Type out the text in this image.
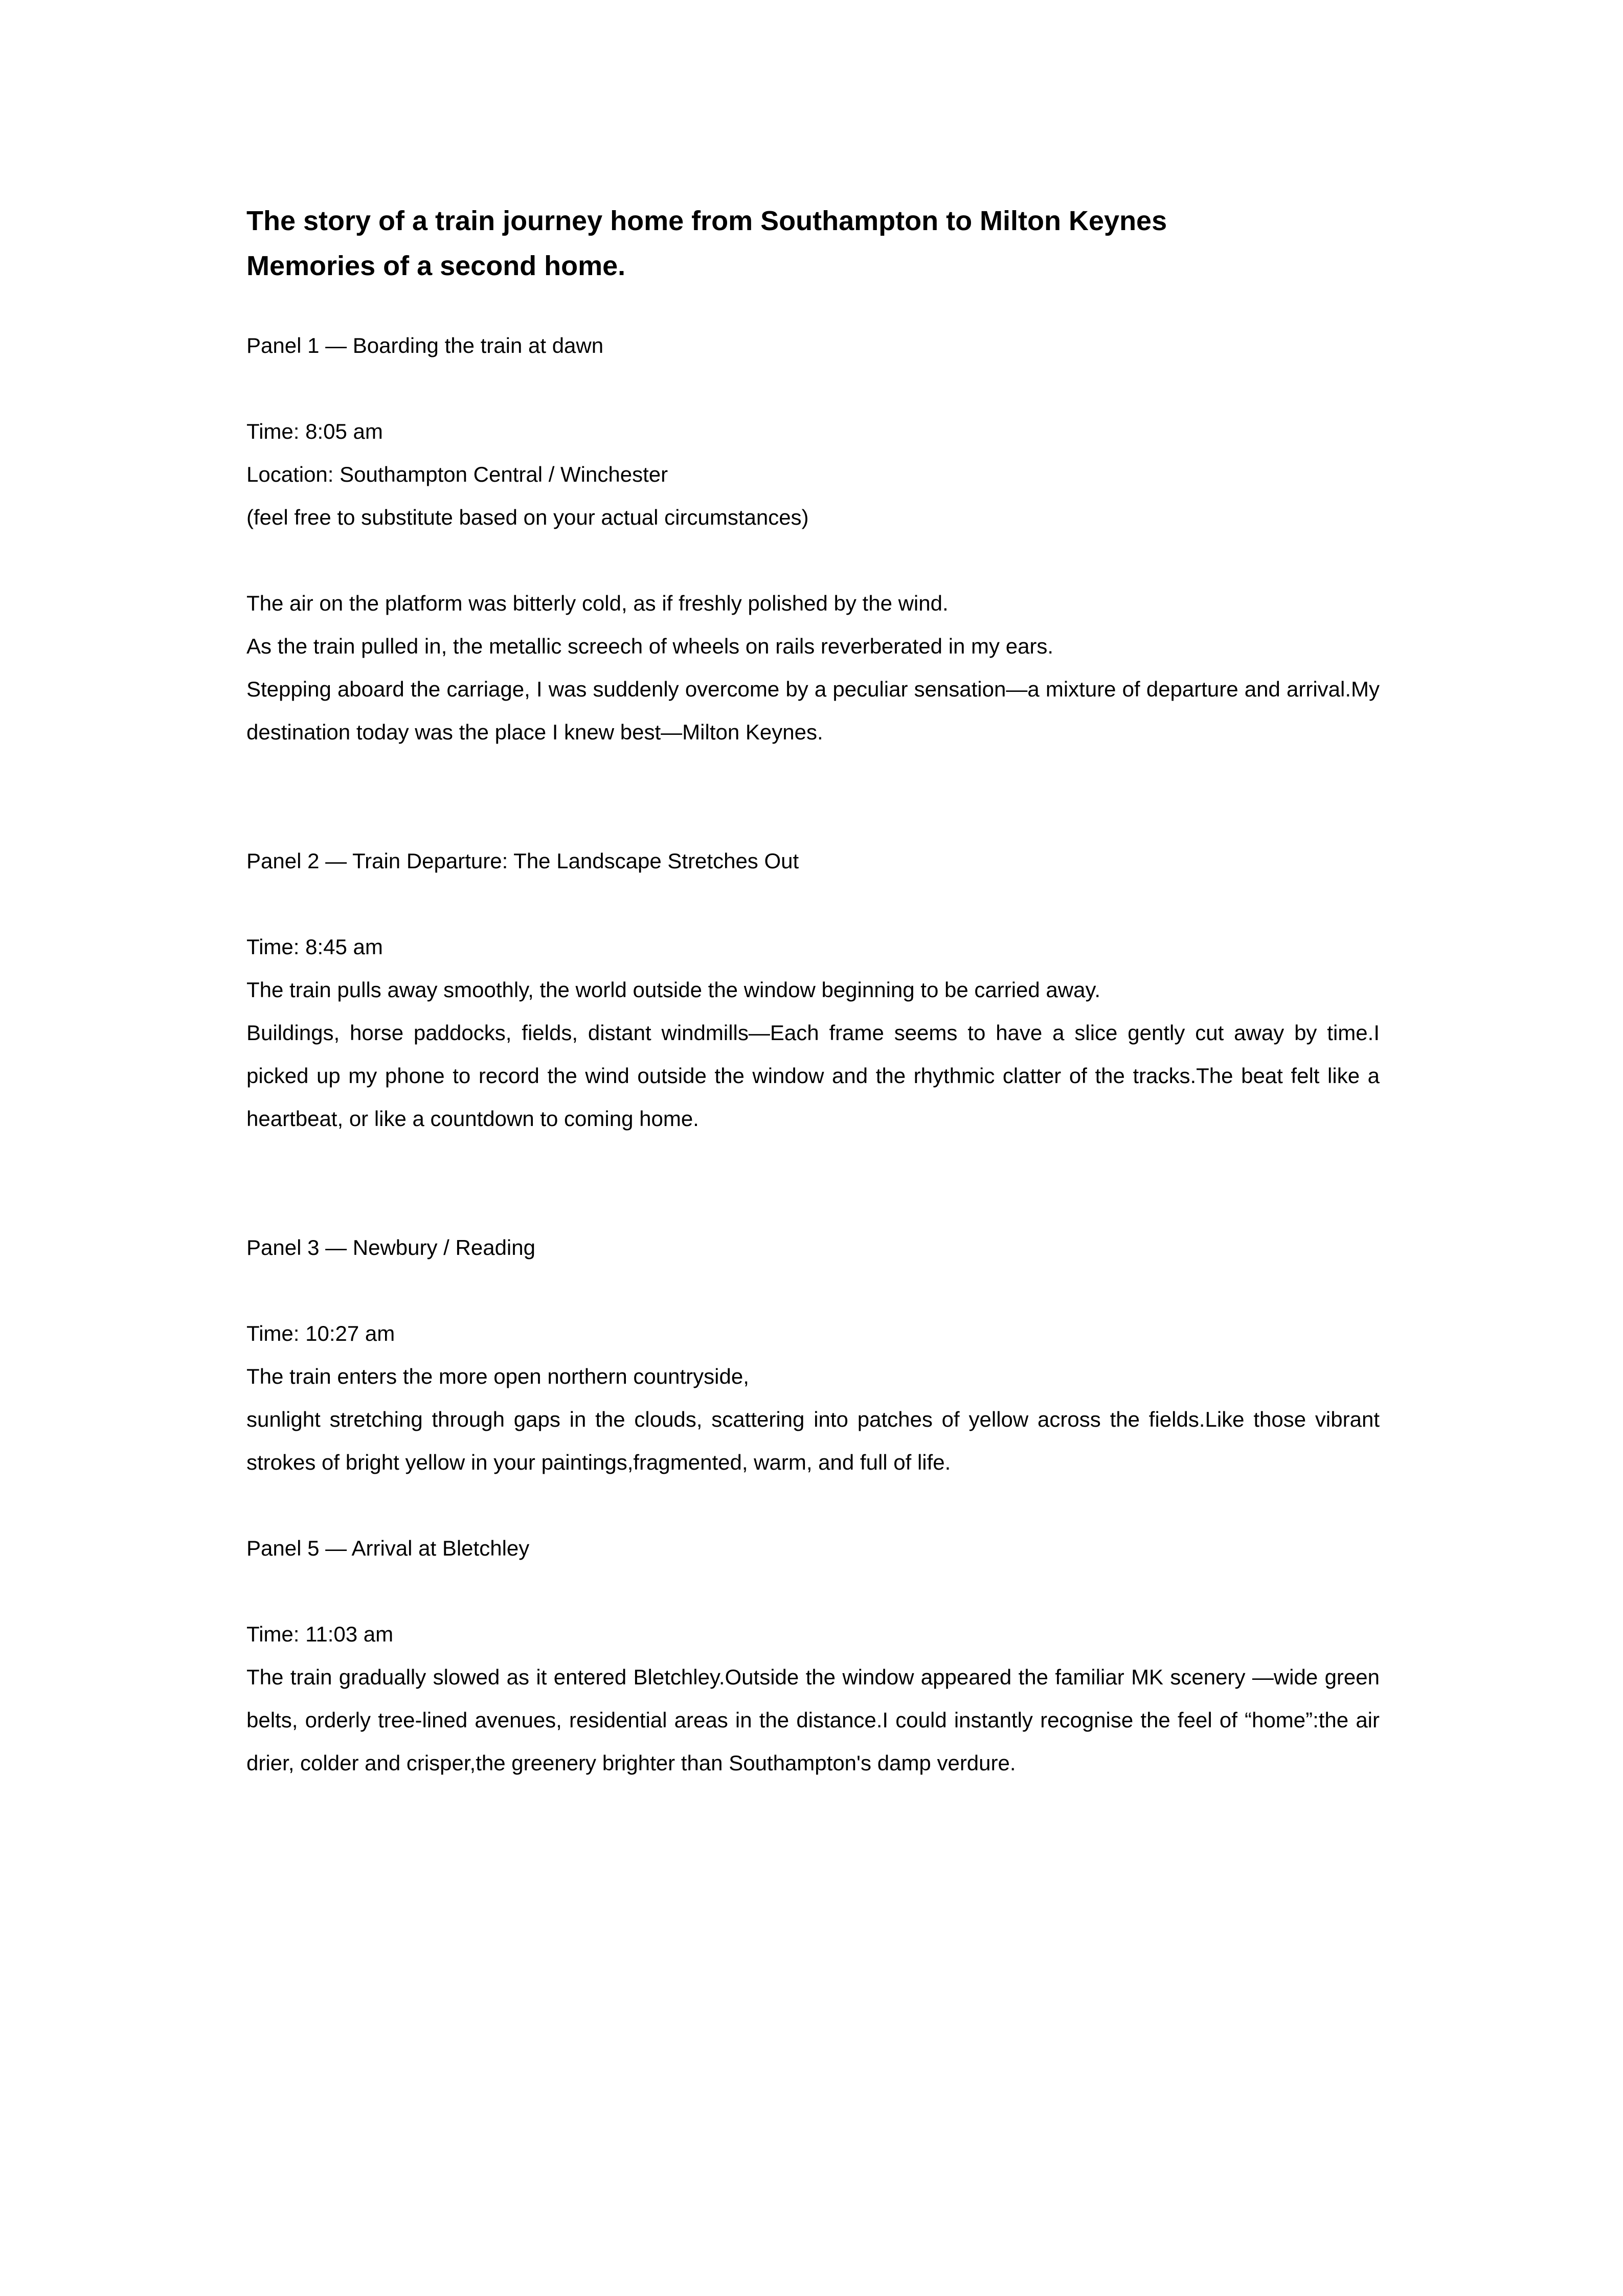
The story of a train journey home from Southampton to Milton Keynes

Memories of a second home.

Panel 1 — Boarding the train at dawn

Time: 8:05 am

Location: Southampton Central / Winchester

(feel free to substitute based on your actual circumstances)

The air on the platform was bitterly cold, as if freshly polished by the wind.

As the train pulled in, the metallic screech of wheels on rails reverberated in my ears.

Stepping aboard the carriage, I was suddenly overcome by a peculiar sensation—a mixture of departure and arrival.My destination today was the place I knew best—Milton Keynes.

Panel 2 — Train Departure: The Landscape Stretches Out

Time: 8:45 am

The train pulls away smoothly, the world outside the window beginning to be carried away.

Buildings, horse paddocks, fields, distant windmills—Each frame seems to have a slice gently cut away by time.I picked up my phone to record the wind outside the window and the rhythmic clatter of the tracks.The beat felt like a heartbeat, or like a countdown to coming home.

Panel 3 — Newbury / Reading

Time: 10:27 am

The train enters the more open northern countryside,

sunlight stretching through gaps in the clouds, scattering into patches of yellow across the fields.Like those vibrant strokes of bright yellow in your paintings,fragmented, warm, and full of life.

Panel 5 — Arrival at Bletchley

Time: 11:03 am

The train gradually slowed as it entered Bletchley.Outside the window appeared the familiar MK scenery —wide green belts, orderly tree-lined avenues, residential areas in the distance.I could instantly recognise the feel of “home”:the air drier, colder and crisper,the greenery brighter than Southampton's damp verdure.
